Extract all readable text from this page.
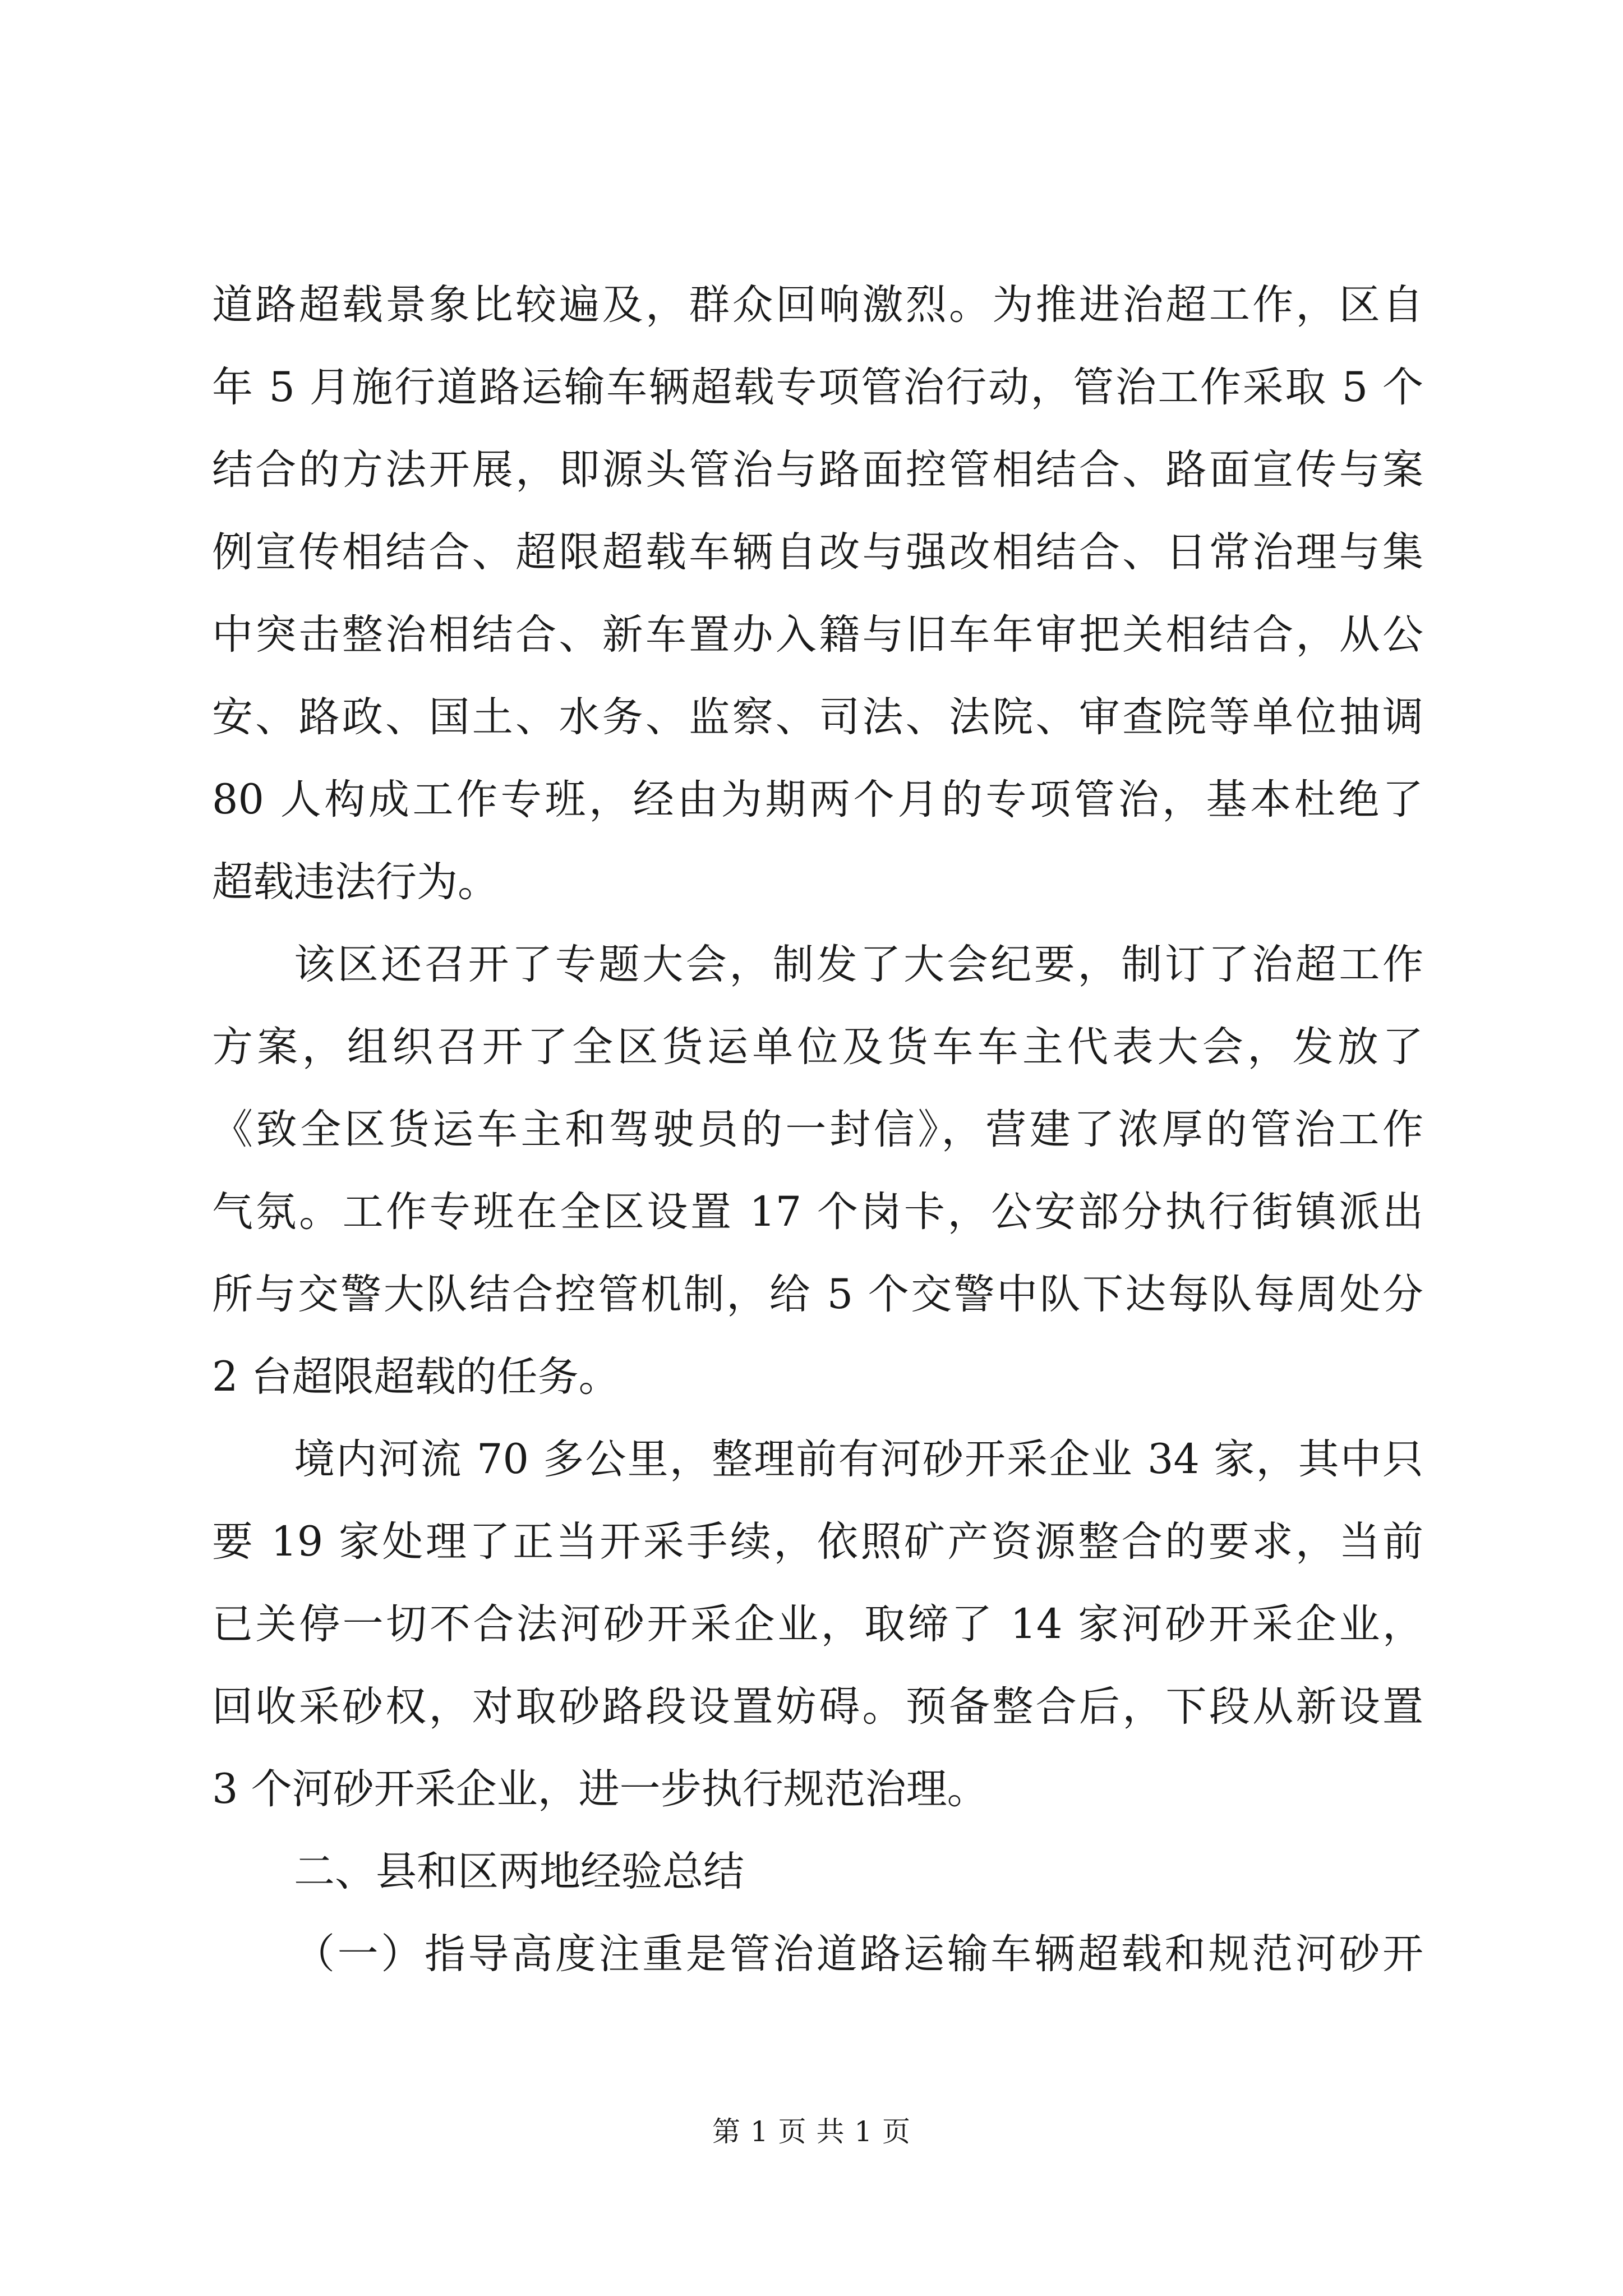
道路超载景象比较遍及，群众回响激烈。为推进治超工作，区自
年 5 月施行道路运输车辆超载专项管治行动，管治工作采取 5 个
结合的方法开展，即源头管治与路面控管相结合、路面宣传与案
例宣传相结合、超限超载车辆自改与强改相结合、日常治理与集
中突击整治相结合、新车置办入籍与旧车年审把关相结合，从公
安、路政、国土、水务、监察、司法、法院、审查院等单位抽调
80 人构成工作专班，经由为期两个月的专项管治，基本杜绝了
超载违法行为。
该区还召开了专题大会，制发了大会纪要，制订了治超工作
方案，组织召开了全区货运单位及货车车主代表大会，发放了
《致全区货运车主和驾驶员的一封信》，营建了浓厚的管治工作
气氛。工作专班在全区设置 17 个岗卡，公安部分执行街镇派出
所与交警大队结合控管机制，给 5 个交警中队下达每队每周处分
2 台超限超载的任务。
境内河流 70 多公里，整理前有河砂开采企业 34 家，其中只
要 19 家处理了正当开采手续，依照矿产资源整合的要求，当前
已关停一切不合法河砂开采企业，取缔了 14 家河砂开采企业，
回收采砂权，对取砂路段设置妨碍。预备整合后，下段从新设置
3 个河砂开采企业，进一步执行规范治理。
二、县和区两地经验总结
（一）指导高度注重是管治道路运输车辆超载和规范河砂开
第 1 页 共 1 页
